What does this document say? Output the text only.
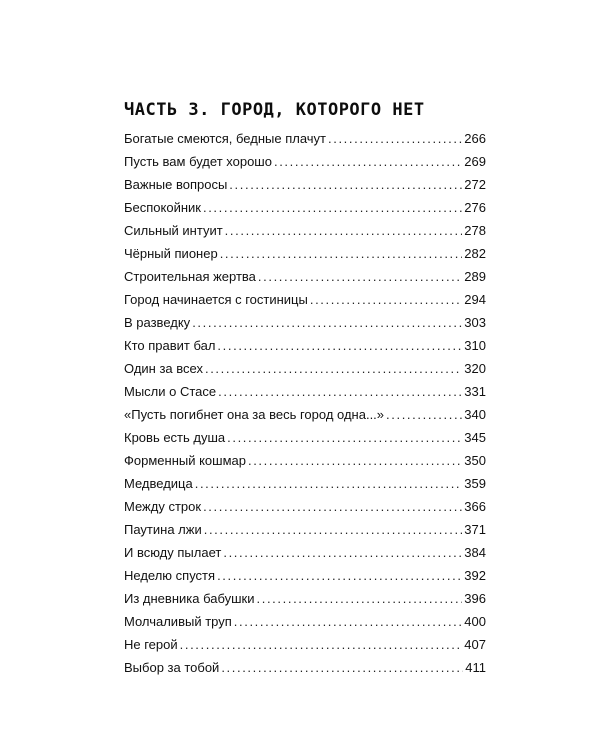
ЧАСТЬ 3. ГОРОД, КОТОРОГО НЕТ
Богатые смеются, бедные плачут . . .	266
Пусть вам будет хорошо . . .	269
Важные вопросы . . .	272
Беспокойник . . .	276
Сильный интуит . . .	278
Чёрный пионер . . .	282
Строительная жертва . . .	289
Город начинается с гостиницы . . .	294
В разведку . . .	303
Кто правит бал . . .	310
Один за всех . . .	320
Мысли о Стасе . . .	331
«Пусть погибнет она за весь город одна...» . . .	340
Кровь есть душа . . .	345
Форменный кошмар . . .	350
Медведица . . .	359
Между строк . . .	366
Паутина лжи . . .	371
И всюду пылает . . .	384
Неделю спустя . . .	392
Из дневника бабушки . . .	396
Молчаливый труп . . .	400
Не герой . . .	407
Выбор за тобой . . .	411
